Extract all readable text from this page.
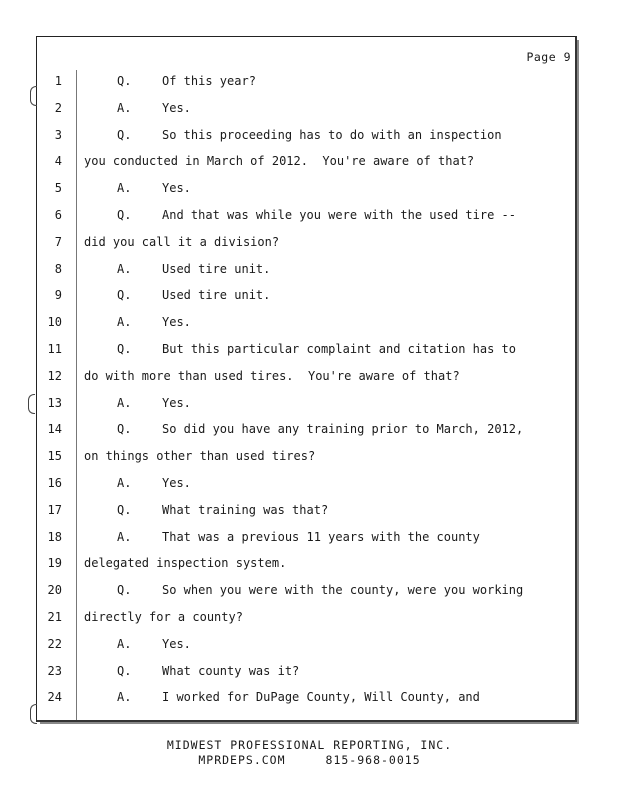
Page 9
1	Q.	Of this year?
2	A.	Yes.
3	Q.	So this proceeding has to do with an inspection
4 you conducted in March of 2012.  You're aware of that?
5	A.	Yes.
6	Q.	And that was while you were with the used tire --
7 did you call it a division?
8	A.	Used tire unit.
9	Q.	Used tire unit.
10	A.	Yes.
11	Q.	But this particular complaint and citation has to
12 do with more than used tires.  You're aware of that?
13	A.	Yes.
14	Q.	So did you have any training prior to March, 2012,
15 on things other than used tires?
16	A.	Yes.
17	Q.	What training was that?
18	A.	That was a previous 11 years with the county
19 delegated inspection system.
20	Q.	So when you were with the county, were you working
21 directly for a county?
22	A.	Yes.
23	Q.	What county was it?
24	A.	I worked for DuPage County, Will County, and
MIDWEST PROFESSIONAL REPORTING, INC.
MPRDEPS.COM	815-968-0015
